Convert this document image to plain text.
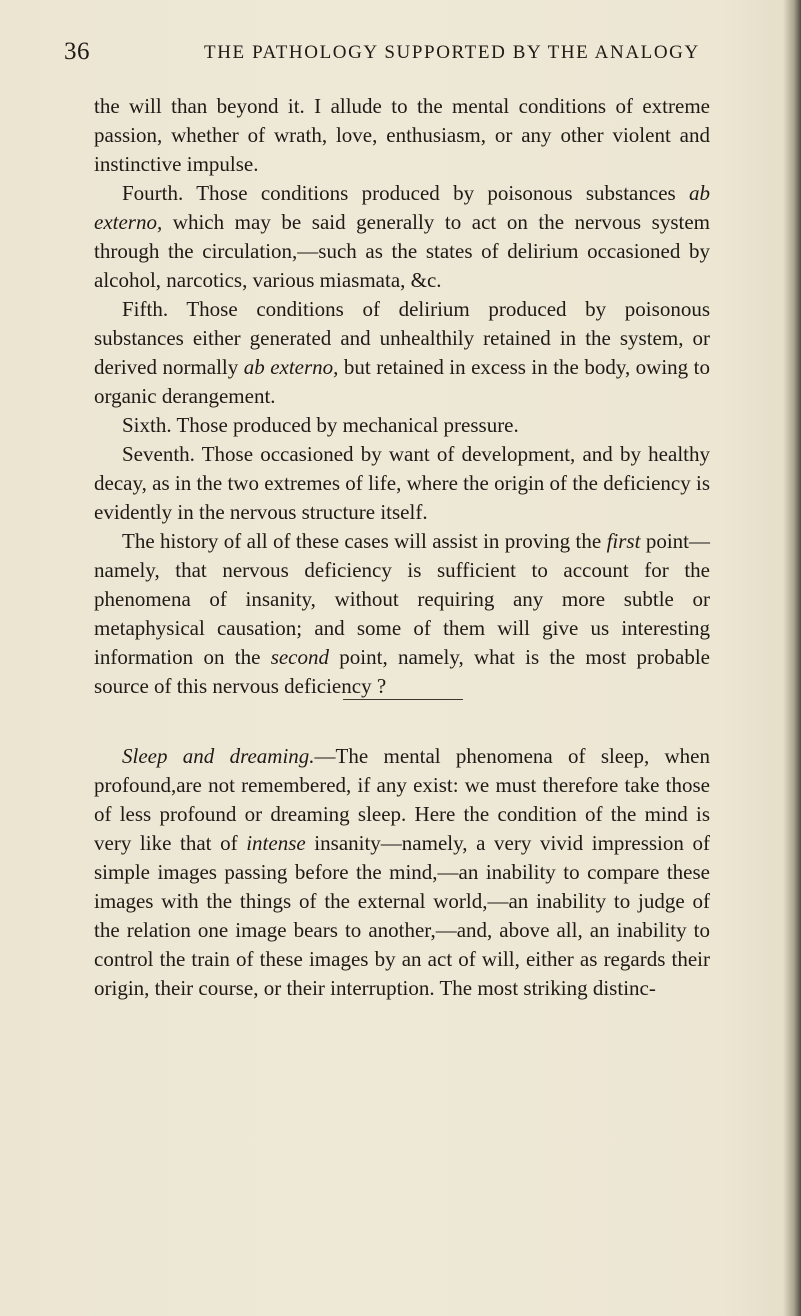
36	THE PATHOLOGY SUPPORTED BY THE ANALOGY

the will than beyond it. I allude to the mental conditions of extreme passion, whether of wrath, love, enthusiasm, or any other violent and instinctive impulse.

Fourth. Those conditions produced by poisonous substances ab externo, which may be said generally to act on the nervous system through the circulation,—such as the states of delirium occasioned by alcohol, narcotics, various miasmata, &c.

Fifth. Those conditions of delirium produced by poisonous substances either generated and unhealthily retained in the system, or derived normally ab externo, but retained in excess in the body, owing to organic derangement.

Sixth. Those produced by mechanical pressure.

Seventh. Those occasioned by want of development, and by healthy decay, as in the two extremes of life, where the origin of the deficiency is evidently in the nervous structure itself.

The history of all of these cases will assist in proving the first point—namely, that nervous deficiency is sufficient to account for the phenomena of insanity, without requiring any more subtle or metaphysical causation; and some of them will give us interesting information on the second point, namely, what is the most probable source of this nervous deficiency ?

Sleep and dreaming.—The mental phenomena of sleep, when profound,are not remembered, if any exist: we must therefore take those of less profound or dreaming sleep. Here the condition of the mind is very like that of intense insanity—namely, a very vivid impression of simple images passing before the mind,—an inability to compare these images with the things of the external world,—an inability to judge of the relation one image bears to another,—and, above all, an inability to control the train of these images by an act of will, either as regards their origin, their course, or their interruption. The most striking distinc-
